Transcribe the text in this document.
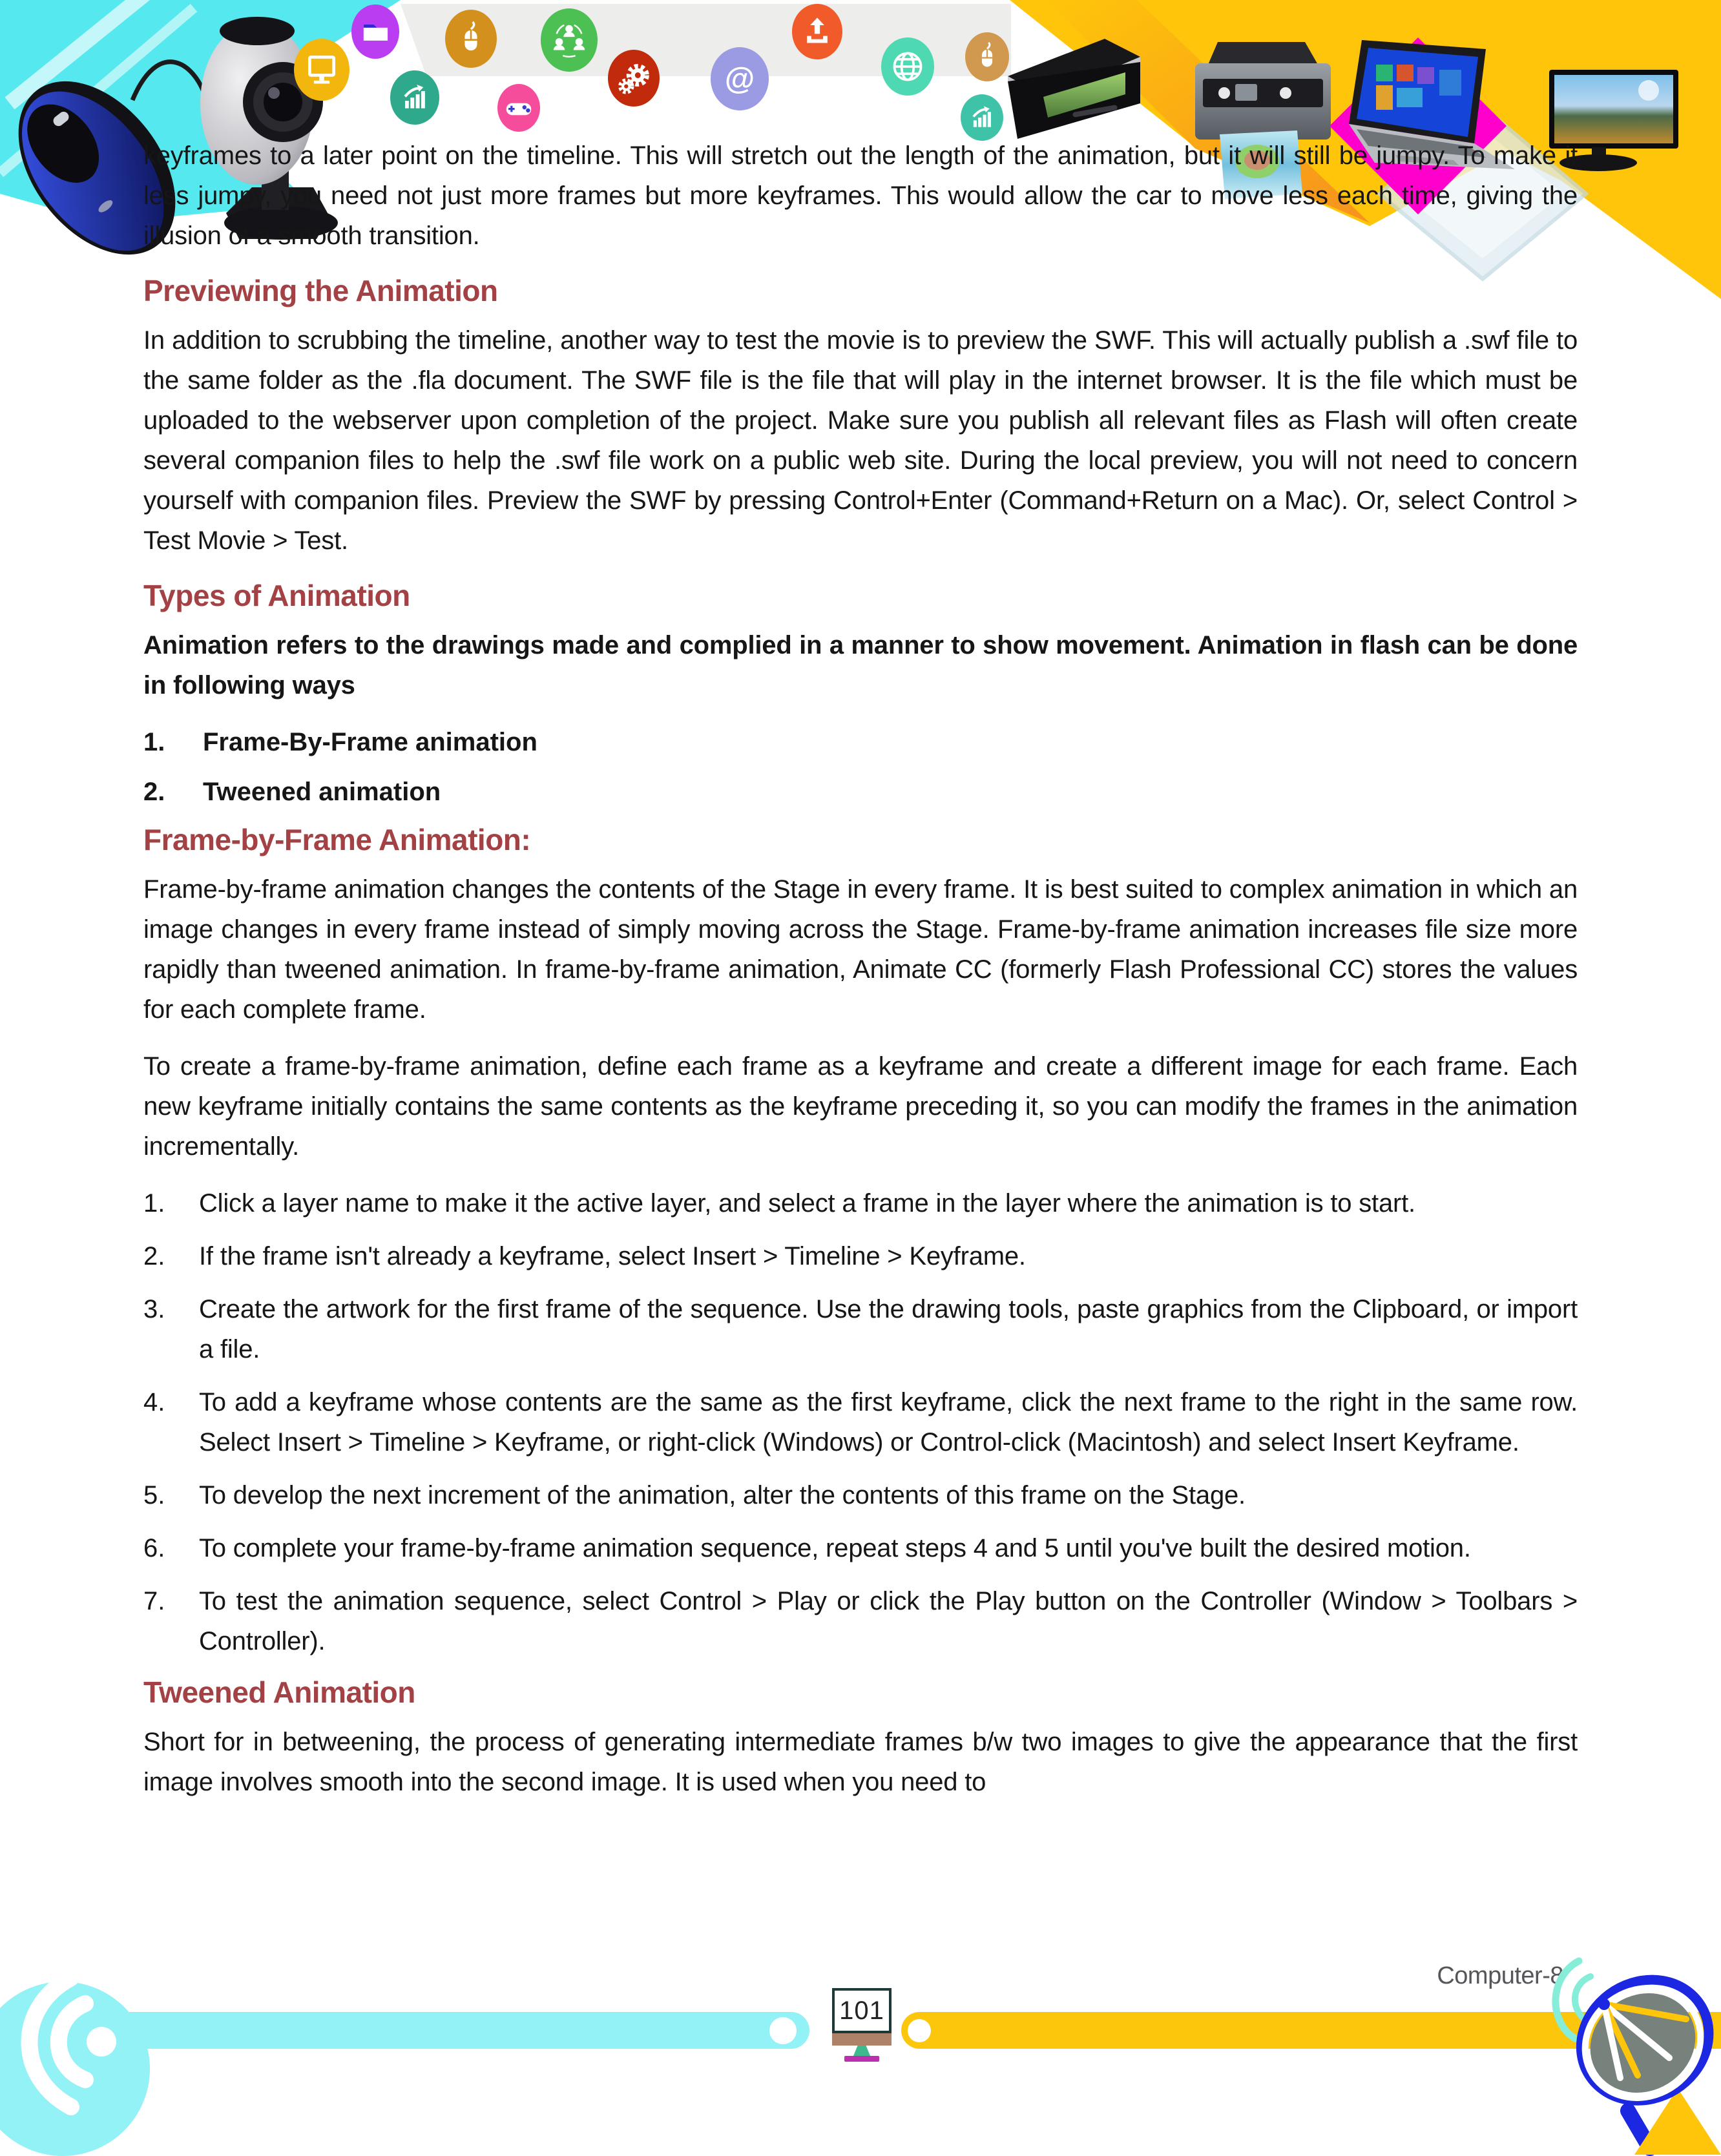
@

keyframes to a later point on the timeline. This will stretch out the length of the animation, but it will still be jumpy. To make it less jumpy, you need not just more frames but more keyframes. This would allow the car to move less each time, giving the illusion of a smooth transition.

Previewing the Animation

In addition to scrubbing the timeline, another way to test the movie is to preview the SWF. This will actually publish a .swf file to the same folder as the .fla document. The SWF file is the file that will play in the internet browser. It is the file which must be uploaded to the webserver upon completion of the project. Make sure you publish all relevant files as Flash will often create several companion files to help the .swf file work on a public web site. During the local preview, you will not need to concern yourself with companion files. Preview the SWF by pressing Control+Enter (Command+Return on a Mac). Or, select Control > Test Movie > Test.

Types of Animation

Animation refers to the drawings made and complied in a manner to show movement. Animation in flash can be done in following ways

1.	Frame-By-Frame animation
2.	Tweened animation
Frame-by-Frame Animation:

Frame-by-frame animation changes the contents of the Stage in every frame. It is best suited to complex animation in which an image changes in every frame instead of simply moving across the Stage. Frame-by-frame animation increases file size more rapidly than tweened animation. In frame-by-frame animation, Animate CC (formerly Flash Professional CC) stores the values for each complete frame.

To create a frame-by-frame animation, define each frame as a keyframe and create a different image for each frame. Each new keyframe initially contains the same contents as the keyframe preceding it, so you can modify the frames in the animation incrementally.

1.	Click a layer name to make it the active layer, and select a frame in the layer where the animation is to start.
2.	If the frame isn't already a keyframe, select Insert > Timeline > Keyframe.
3.	Create the artwork for the first frame of the sequence. Use the drawing tools, paste graphics from the Clipboard, or import a file.
4.	To add a keyframe whose contents are the same as the first keyframe, click the next frame to the right in the same row. Select Insert > Timeline > Keyframe, or right-click (Windows) or Control-click (Macintosh) and select Insert Keyframe.
5.	To develop the next increment of the animation, alter the contents of this frame on the Stage.
6.	To complete your frame-by-frame animation sequence, repeat steps 4 and 5 until you've built the desired motion.
7.	To test the animation sequence, select Control > Play or click the Play button on the Controller (Window > Toolbars > Controller).
Tweened Animation

Short for in betweening, the process of generating intermediate frames b/w two images to give the appearance that the first image involves smooth into the second image. It is used when you need to

101
Computer-8
